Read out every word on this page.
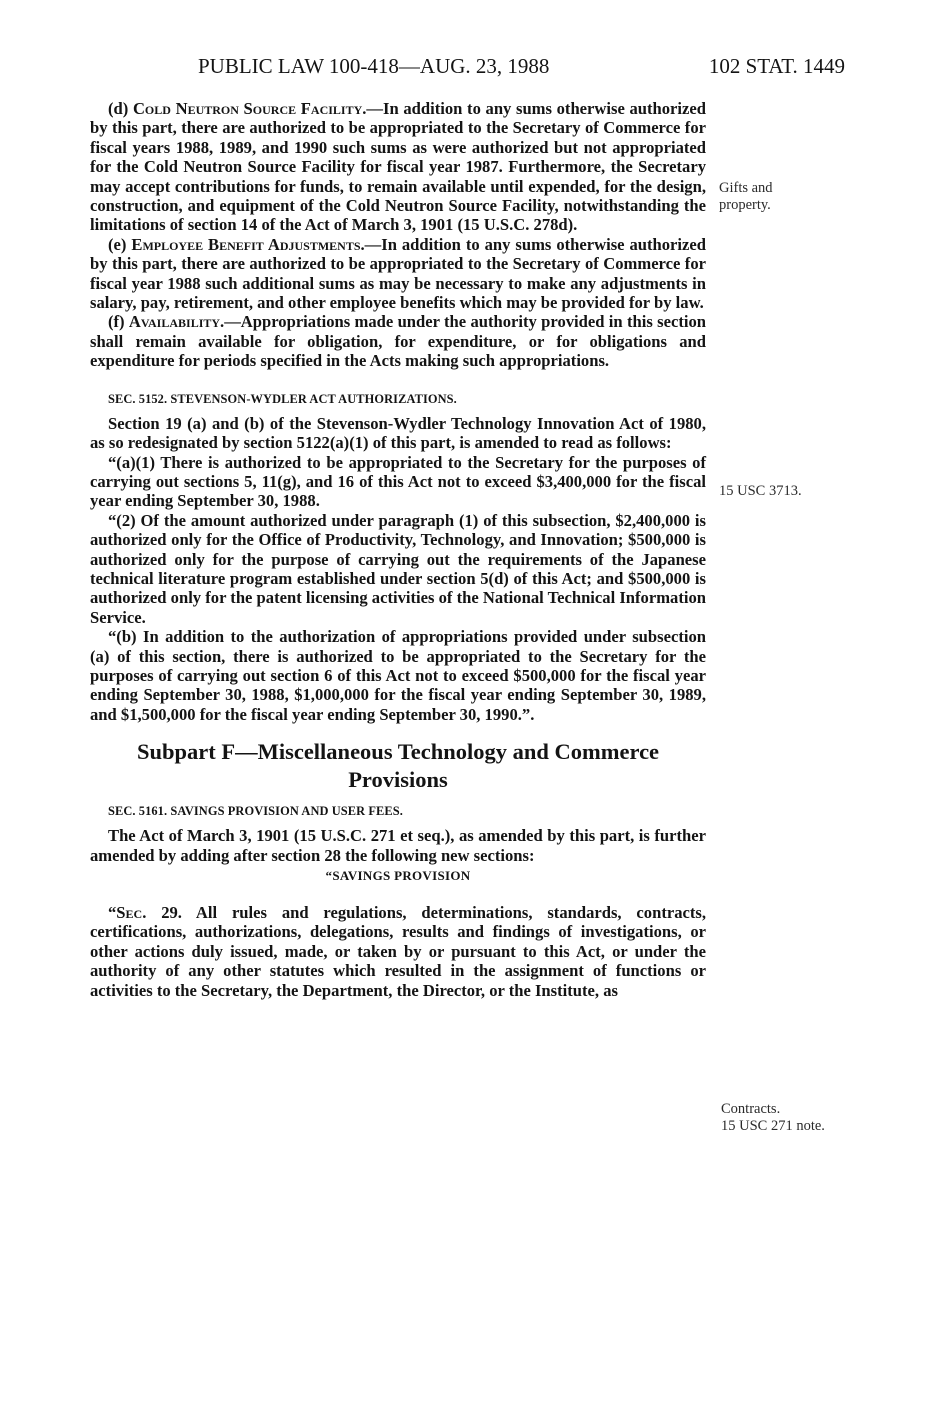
PUBLIC LAW 100-418—AUG. 23, 1988	102 STAT. 1449
Gifts and
property.
15 USC 3713.
Contracts.
15 USC 271 note.

(d) Cold Neutron Source Facility.—In addition to any sums otherwise authorized by this part, there are authorized to be appropriated to the Secretary of Commerce for fiscal years 1988, 1989, and 1990 such sums as were authorized but not appropriated for the Cold Neutron Source Facility for fiscal year 1987. Furthermore, the Secretary may accept contributions for funds, to remain available until expended, for the design, construction, and equipment of the Cold Neutron Source Facility, notwithstanding the limitations of section 14 of the Act of March 3, 1901 (15 U.S.C. 278d).

(e) Employee Benefit Adjustments.—In addition to any sums otherwise authorized by this part, there are authorized to be appropriated to the Secretary of Commerce for fiscal year 1988 such additional sums as may be necessary to make any adjustments in salary, pay, retirement, and other employee benefits which may be provided for by law.

(f) Availability.—Appropriations made under the authority provided in this section shall remain available for obligation, for expenditure, or for obligations and expenditure for periods specified in the Acts making such appropriations.

SEC. 5152. STEVENSON-WYDLER ACT AUTHORIZATIONS.

Section 19 (a) and (b) of the Stevenson-Wydler Technology Innovation Act of 1980, as so redesignated by section 5122(a)(1) of this part, is amended to read as follows:

“(a)(1) There is authorized to be appropriated to the Secretary for the purposes of carrying out sections 5, 11(g), and 16 of this Act not to exceed $3,400,000 for the fiscal year ending September 30, 1988.

“(2) Of the amount authorized under paragraph (1) of this subsection, $2,400,000 is authorized only for the Office of Productivity, Technology, and Innovation; $500,000 is authorized only for the purpose of carrying out the requirements of the Japanese technical literature program established under section 5(d) of this Act; and $500,000 is authorized only for the patent licensing activities of the National Technical Information Service.

“(b) In addition to the authorization of appropriations provided under subsection (a) of this section, there is authorized to be appropriated to the Secretary for the purposes of carrying out section 6 of this Act not to exceed $500,000 for the fiscal year ending September 30, 1988, $1,000,000 for the fiscal year ending September 30, 1989, and $1,500,000 for the fiscal year ending September 30, 1990.”.

Subpart F—Miscellaneous Technology and Commerce Provisions

SEC. 5161. SAVINGS PROVISION AND USER FEES.

The Act of March 3, 1901 (15 U.S.C. 271 et seq.), as amended by this part, is further amended by adding after section 28 the following new sections:

“SAVINGS PROVISION

“Sec. 29. All rules and regulations, determinations, standards, contracts, certifications, authorizations, delegations, results and findings of investigations, or other actions duly issued, made, or taken by or pursuant to this Act, or under the authority of any other statutes which resulted in the assignment of functions or activities to the Secretary, the Department, the Director, or the Institute, as
